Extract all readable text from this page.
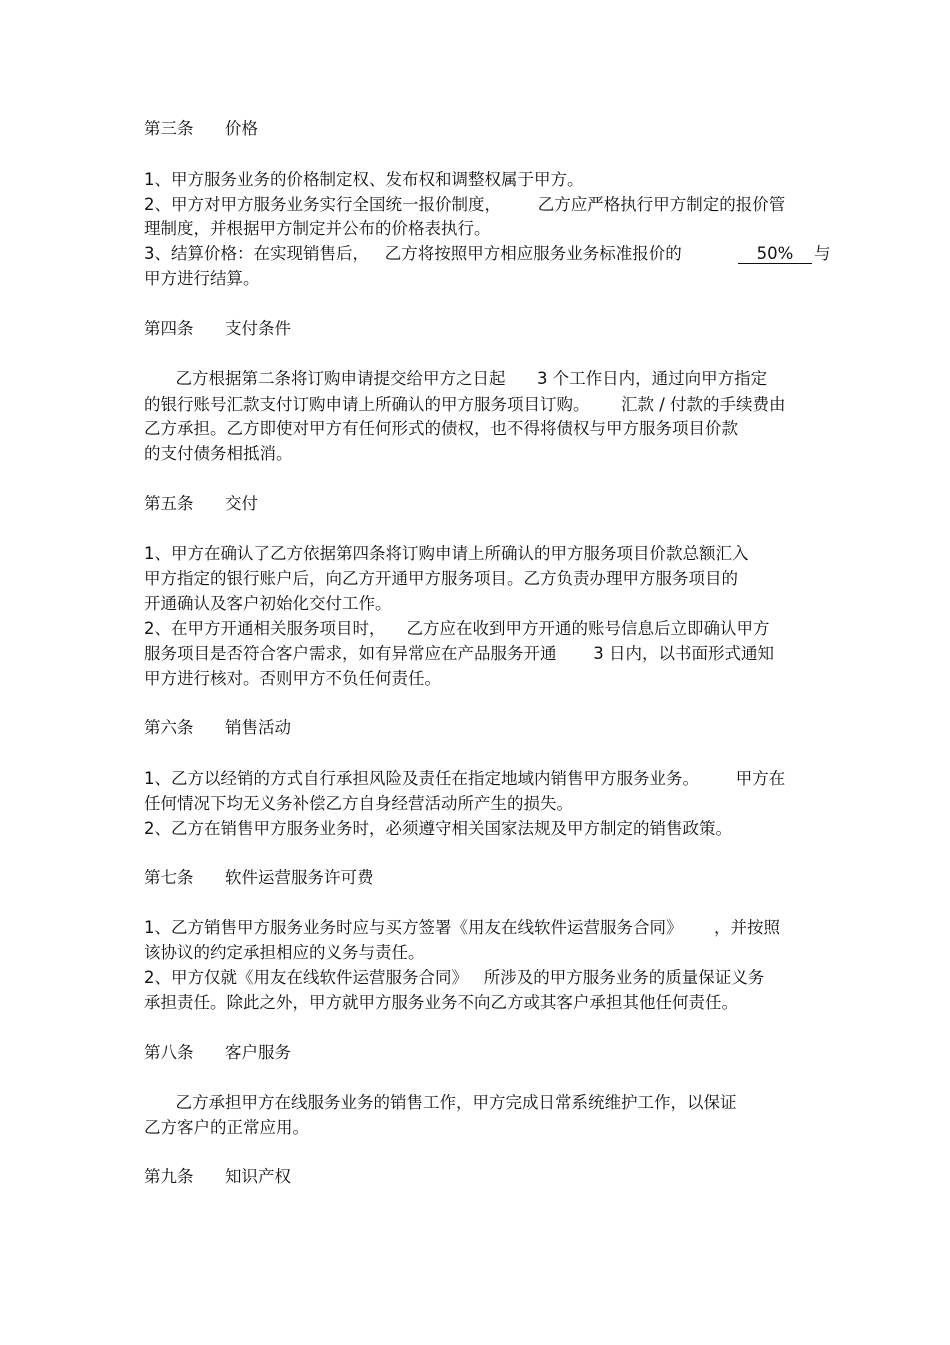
第三条      价格

1、甲方服务业务的价格制定权、发布权和调整权属于甲方。

2、甲方对甲方服务业务实行全国统一报价制度，       乙方应严格执行甲方制定的报价管

理制度，并根据甲方制定并公布的价格表执行。

3、结算价格：在实现销售后，   乙方将按照甲方相应服务业务标准报价的	50%	与

甲方进行结算。

第四条      支付条件

乙方根据第二条将订购申请提交给甲方之日起      3 个工作日内，通过向甲方指定

的银行账号汇款支付订购申请上所确认的甲方服务项目订购。      汇款 / 付款的手续费由

乙方承担。乙方即使对甲方有任何形式的债权，也不得将债权与甲方服务项目价款

的支付债务相抵消。

第五条      交付

1、甲方在确认了乙方依据第四条将订购申请上所确认的甲方服务项目价款总额汇入

甲方指定的银行账户后，向乙方开通甲方服务项目。乙方负责办理甲方服务项目的

开通确认及客户初始化交付工作。

2、在甲方开通相关服务项目时，    乙方应在收到甲方开通的账号信息后立即确认甲方

服务项目是否符合客户需求，如有异常应在产品服务开通       3 日内，以书面形式通知

甲方进行核对。否则甲方不负任何责任。

第六条      销售活动

1、乙方以经销的方式自行承担风险及责任在指定地域内销售甲方服务业务。       甲方在

任何情况下均无义务补偿乙方自身经营活动所产生的损失。

2、乙方在销售甲方服务业务时，必须遵守相关国家法规及甲方制定的销售政策。

第七条      软件运营服务许可费

1、乙方销售甲方服务业务时应与买方签署《用友在线软件运营服务合同》      ，并按照

该协议的约定承担相应的义务与责任。

2、甲方仅就《用友在线软件运营服务合同》   所涉及的甲方服务业务的质量保证义务

承担责任。除此之外，甲方就甲方服务业务不向乙方或其客户承担其他任何责任。

第八条      客户服务

乙方承担甲方在线服务业务的销售工作，甲方完成日常系统维护工作，以保证

乙方客户的正常应用。

第九条      知识产权
